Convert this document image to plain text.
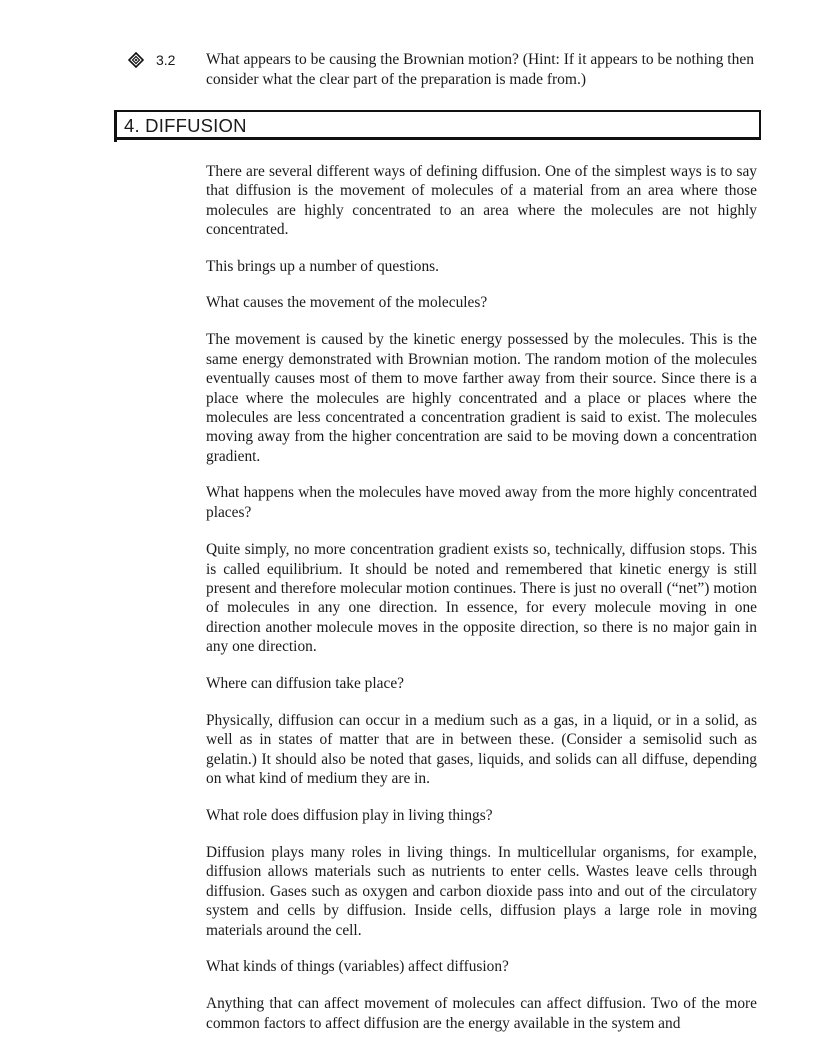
3.2 What appears to be causing the Brownian motion? (Hint: If it appears to be nothing then consider what the clear part of the preparation is made from.)
4. DIFFUSION

There are several different ways of defining diffusion. One of the simplest ways is to say that diffusion is the movement of molecules of a material from an area where those molecules are highly concentrated to an area where the molecules are not highly concentrated.

This brings up a number of questions.

What causes the movement of the molecules?

The movement is caused by the kinetic energy possessed by the molecules. This is the same energy demonstrated with Brownian motion. The random motion of the molecules eventually causes most of them to move farther away from their source. Since there is a place where the molecules are highly concentrated and a place or places where the molecules are less concentrated a concentration gradient is said to exist. The molecules moving away from the higher concentration are said to be moving down a concentration gradient.

What happens when the molecules have moved away from the more highly concentrated places?

Quite simply, no more concentration gradient exists so, technically, diffusion stops. This is called equilibrium. It should be noted and remembered that kinetic energy is still present and therefore molecular motion continues. There is just no overall (“net”) motion of molecules in any one direction. In essence, for every molecule moving in one direction another molecule moves in the opposite direction, so there is no major gain in any one direction.

Where can diffusion take place?

Physically, diffusion can occur in a medium such as a gas, in a liquid, or in a solid, as well as in states of matter that are in between these. (Consider a semisolid such as gelatin.) It should also be noted that gases, liquids, and solids can all diffuse, depending on what kind of medium they are in.

What role does diffusion play in living things?

Diffusion plays many roles in living things. In multicellular organisms, for example, diffusion allows materials such as nutrients to enter cells. Wastes leave cells through diffusion. Gases such as oxygen and carbon dioxide pass into and out of the circulatory system and cells by diffusion. Inside cells, diffusion plays a large role in moving materials around the cell.

What kinds of things (variables) affect diffusion?

Anything that can affect movement of molecules can affect diffusion. Two of the more common factors to affect diffusion are the energy available in the system and
